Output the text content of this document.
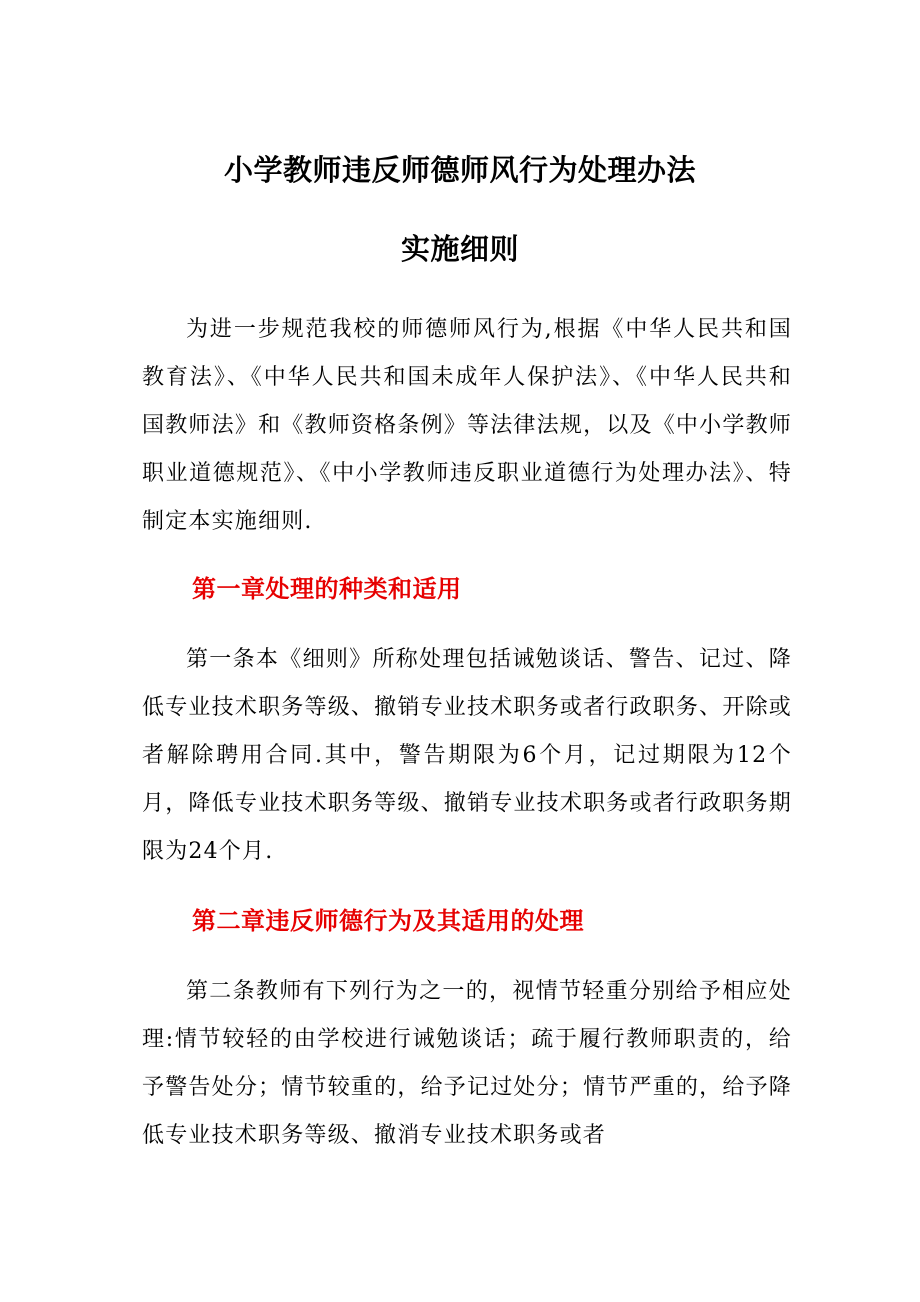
小学教师违反师德师风行为处理办法
实施细则

为进一步规范我校的师德师风行为,根据《中华人民共和国教育法》、《中华人民共和国未成年人保护法》、《中华人民共和国教师法》和《教师资格条例》等法律法规，以及《中小学教师职业道德规范》、《中小学教师违反职业道德行为处理办法》、特制定本实施细则.

第一章处理的种类和适用

第一条本《细则》所称处理包括诫勉谈话、警告、记过、降低专业技术职务等级、撤销专业技术职务或者行政职务、开除或者解除聘用合同.其中，警告期限为6个月，记过期限为12个月，降低专业技术职务等级、撤销专业技术职务或者行政职务期限为24个月.

第二章违反师德行为及其适用的处理

第二条教师有下列行为之一的，视情节轻重分别给予相应处理:情节较轻的由学校进行诫勉谈话；疏于履行教师职责的，给予警告处分；情节较重的，给予记过处分；情节严重的，给予降低专业技术职务等级、撤消专业技术职务或者
